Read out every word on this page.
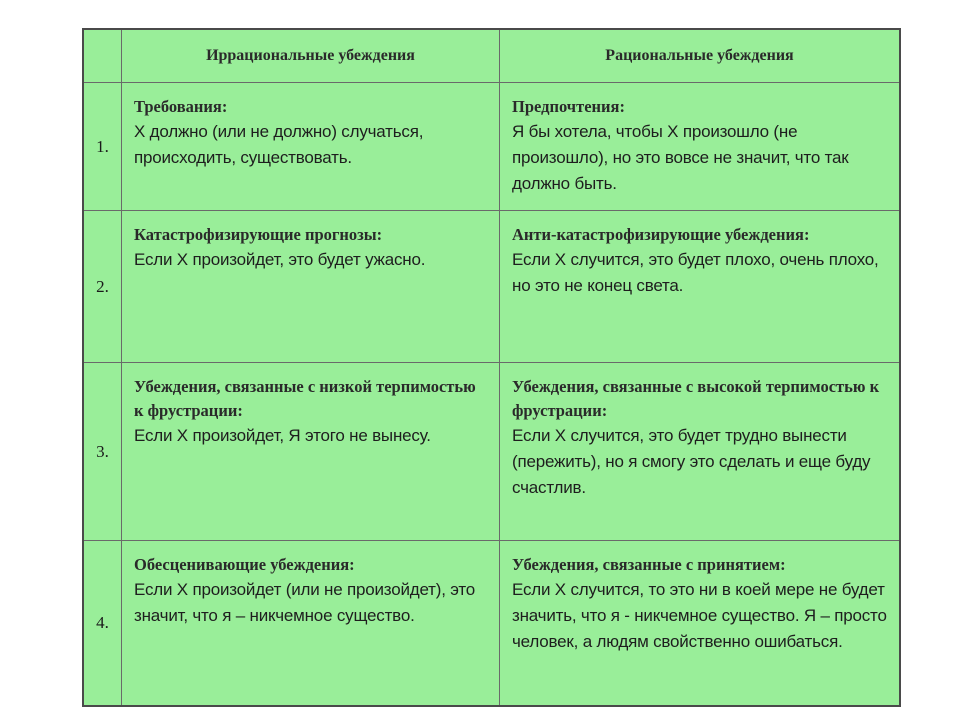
Иррациональные убеждения	Рациональные убеждения
1.
Требования:
Х должно (или не должно) случаться, происходить, существовать.
Предпочтения:
Я бы хотела, чтобы Х произошло (не произошло), но это вовсе не значит, что так должно быть.
2.
Катастрофизирующие прогнозы:
Если Х произойдет, это будет ужасно.
Анти-катастрофизирующие убеждения:
Если Х случится, это будет плохо, очень плохо, но это не конец света.
3.
Убеждения, связанные с низкой терпимостью к фрустрации:
Если Х произойдет, Я этого не вынесу.
Убеждения, связанные с высокой терпимостью к фрустрации:
Если Х случится, это будет трудно вынести (пережить), но я смогу это сделать и еще буду счастлив.
4.
Обесценивающие убеждения:
Если Х произойдет (или не произойдет), это значит, что я – никчемное существо.
Убеждения, связанные с принятием:
Если Х случится, то это ни в коей мере не будет значить, что я - никчемное существо. Я – просто человек, а людям свойственно ошибаться.
